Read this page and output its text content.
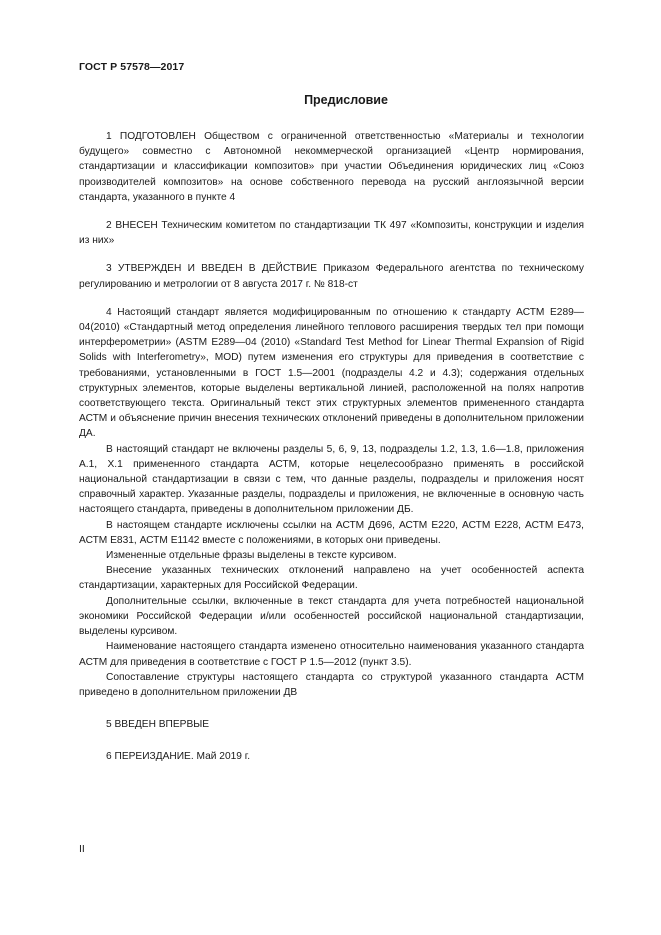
ГОСТ Р 57578—2017
Предисловие

1 ПОДГОТОВЛЕН Обществом с ограниченной ответственностью «Материалы и технологии будущего» совместно с Автономной некоммерческой организацией «Центр нормирования, стандартизации и классификации композитов» при участии Объединения юридических лиц «Союз производителей композитов» на основе собственного перевода на русский англоязычной версии стандарта, указанного в пункте 4

2 ВНЕСЕН Техническим комитетом по стандартизации ТК 497 «Композиты, конструкции и изделия из них»

3 УТВЕРЖДЕН И ВВЕДЕН В ДЕЙСТВИЕ Приказом Федерального агентства по техническому регулированию и метрологии от 8 августа 2017 г. № 818-ст

4 Настоящий стандарт является модифицированным по отношению к стандарту АСТМ Е289—04(2010) «Стандартный метод определения линейного теплового расширения твердых тел при помощи интерферометрии» (ASTM E289—04 (2010) «Standard Test Method for Linear Thermal Expansion of Rigid Solids with Interferometry», MOD) путем изменения его структуры для приведения в соответствие с требованиями, установленными в ГОСТ 1.5—2001 (подразделы 4.2 и 4.3); содержания отдельных структурных элементов, которые выделены вертикальной линией, расположенной на полях напротив соответствующего текста. Оригинальный текст этих структурных элементов примененного стандарта АСТМ и объяснение причин внесения технических отклонений приведены в дополнительном приложении ДА.

В настоящий стандарт не включены разделы 5, 6, 9, 13, подразделы 1.2, 1.3, 1.6—1.8, приложения А.1, Х.1 примененного стандарта АСТМ, которые нецелесообразно применять в российской национальной стандартизации в связи с тем, что данные разделы, подразделы и приложения носят справочный характер. Указанные разделы, подразделы и приложения, не включенные в основную часть настоящего стандарта, приведены в дополнительном приложении ДБ.

В настоящем стандарте исключены ссылки на АСТМ Д696, АСТМ Е220, АСТМ Е228, АСТМ Е473, АСТМ Е831, АСТМ Е1142 вместе с положениями, в которых они приведены.

Измененные отдельные фразы выделены в тексте курсивом.

Внесение указанных технических отклонений направлено на учет особенностей аспекта стандартизации, характерных для Российской Федерации.

Дополнительные ссылки, включенные в текст стандарта для учета потребностей национальной экономики Российской Федерации и/или особенностей российской национальной стандартизации, выделены курсивом.

Наименование настоящего стандарта изменено относительно наименования указанного стандарта АСТМ для приведения в соответствие с ГОСТ Р 1.5—2012 (пункт 3.5).

Сопоставление структуры настоящего стандарта со структурой указанного стандарта АСТМ приведено в дополнительном приложении ДВ

5 ВВЕДЕН ВПЕРВЫЕ

6 ПЕРЕИЗДАНИЕ. Май 2019 г.

II
